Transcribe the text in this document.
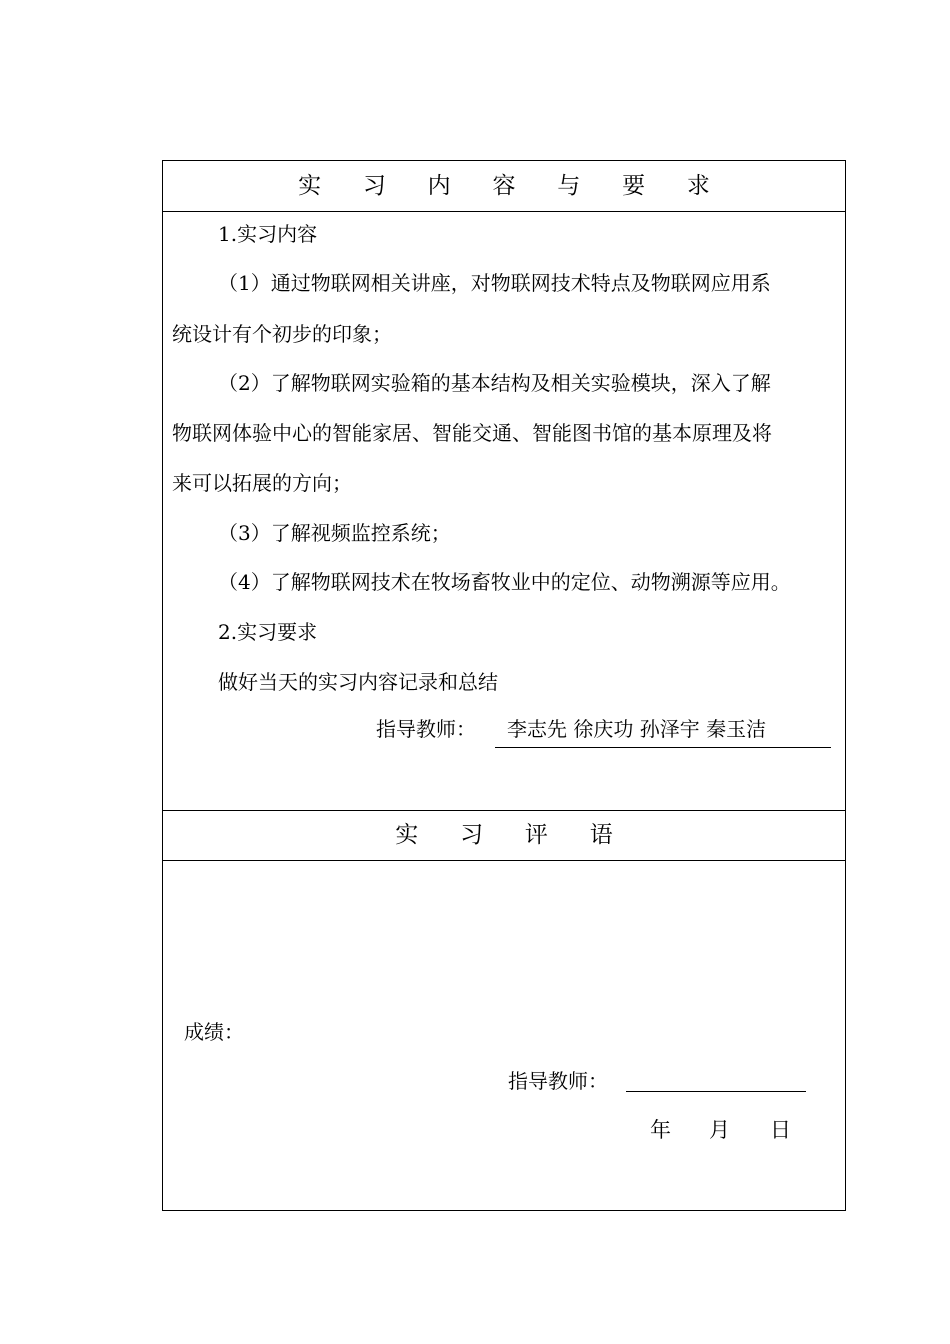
实 习 内 容 与 要 求
1.实习内容
（1）通过物联网相关讲座，对物联网技术特点及物联网应用系
统设计有个初步的印象；
（2）了解物联网实验箱的基本结构及相关实验模块，深入了解
物联网体验中心的智能家居、智能交通、智能图书馆的基本原理及将
来可以拓展的方向；
（3）了解视频监控系统；
（4）了解物联网技术在牧场畜牧业中的定位、动物溯源等应用。
2.实习要求
做好当天的实习内容记录和总结
指导教师： 李志先 徐庆功 孙泽宇 秦玉洁
实 习 评 语
成绩：
指导教师：
年 月 日
